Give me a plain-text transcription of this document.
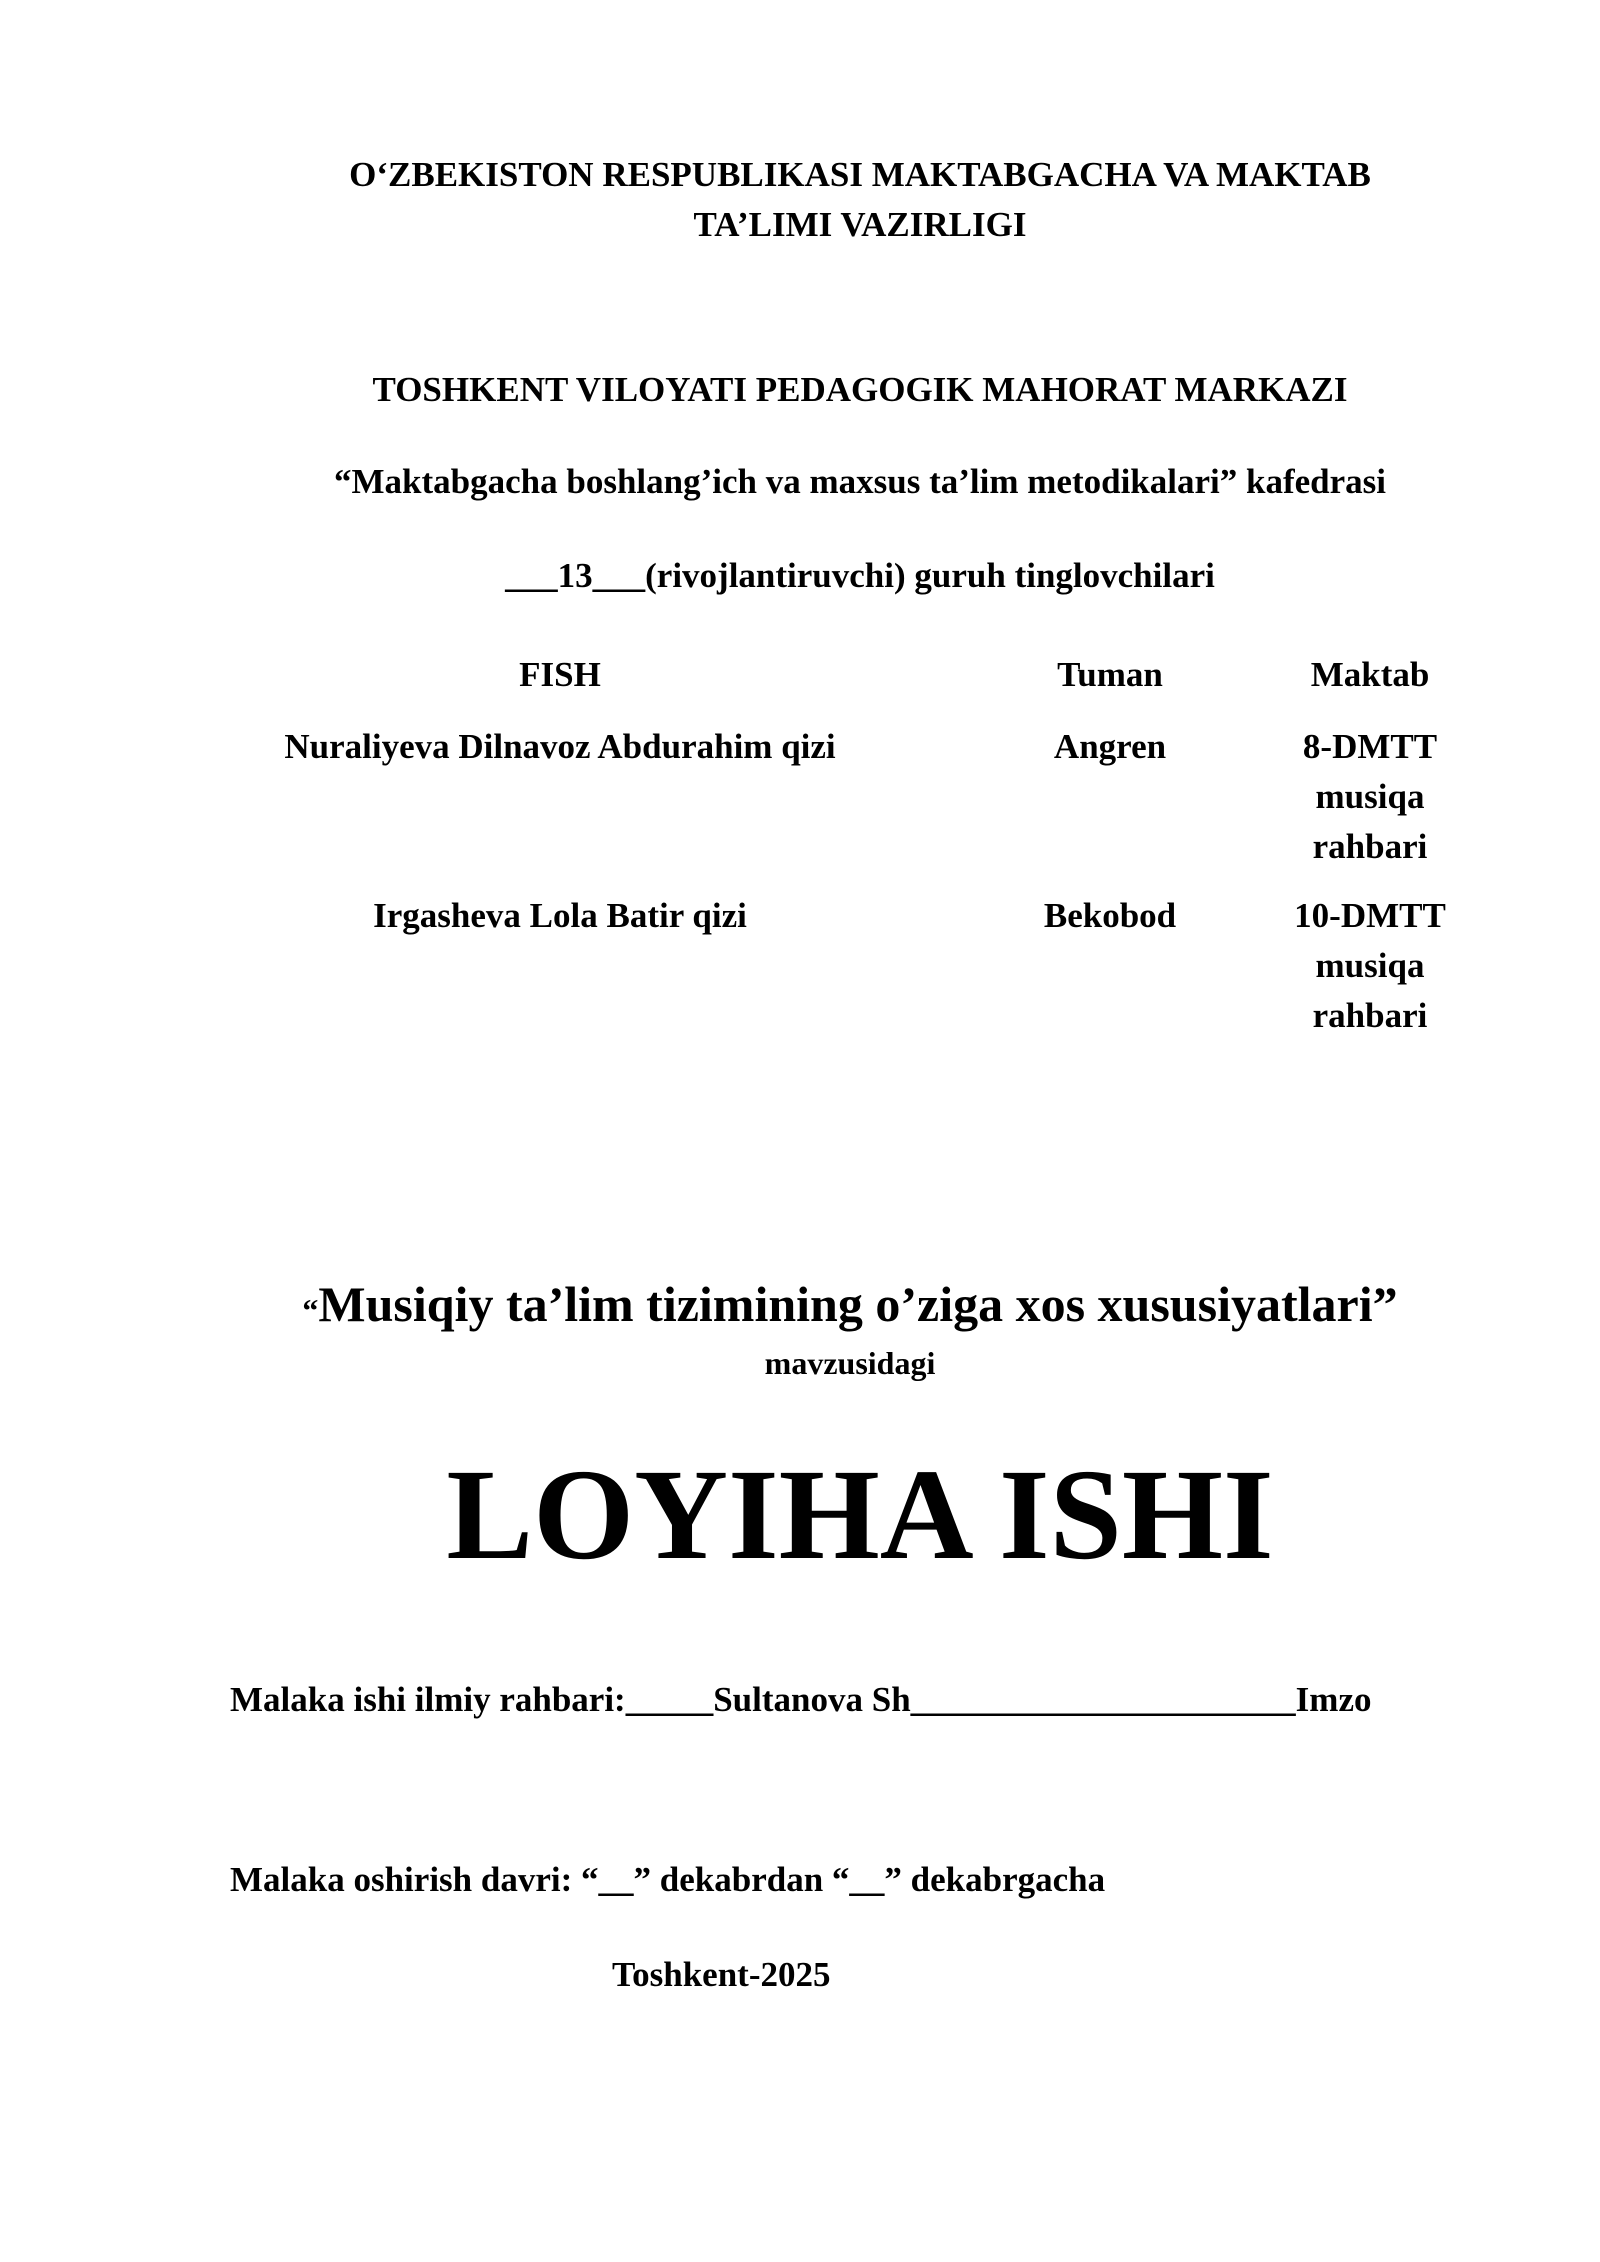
O‘ZBEKISTON RESPUBLIKASI MAKTABGACHA VA MAKTAB
TA’LIMI VAZIRLIGI
TOSHKENT VILOYATI PEDAGOGIK MAHORAT MARKAZI
“Maktabgacha boshlang’ich va maxsus ta’lim metodikalari” kafedrasi
___13___(rivojlantiruvchi) guruh tinglovchilari
FISH	Tuman	Maktab
Nuraliyeva Dilnavoz Abdurahim qizi	Angren	8-DMTT
musiqa
rahbari
Irgasheva Lola Batir qizi	Bekobod	10-DMTT
musiqa
rahbari
“Musiqiy ta’lim tizimining o’ziga xos xususiyatlari”
mavzusidagi
LOYIHA ISHI
Malaka ishi ilmiy rahbari:_____Sultanova Sh______________________Imzo
Malaka oshirish davri: “__” dekabrdan “__” dekabrgacha
Toshkent-2025
